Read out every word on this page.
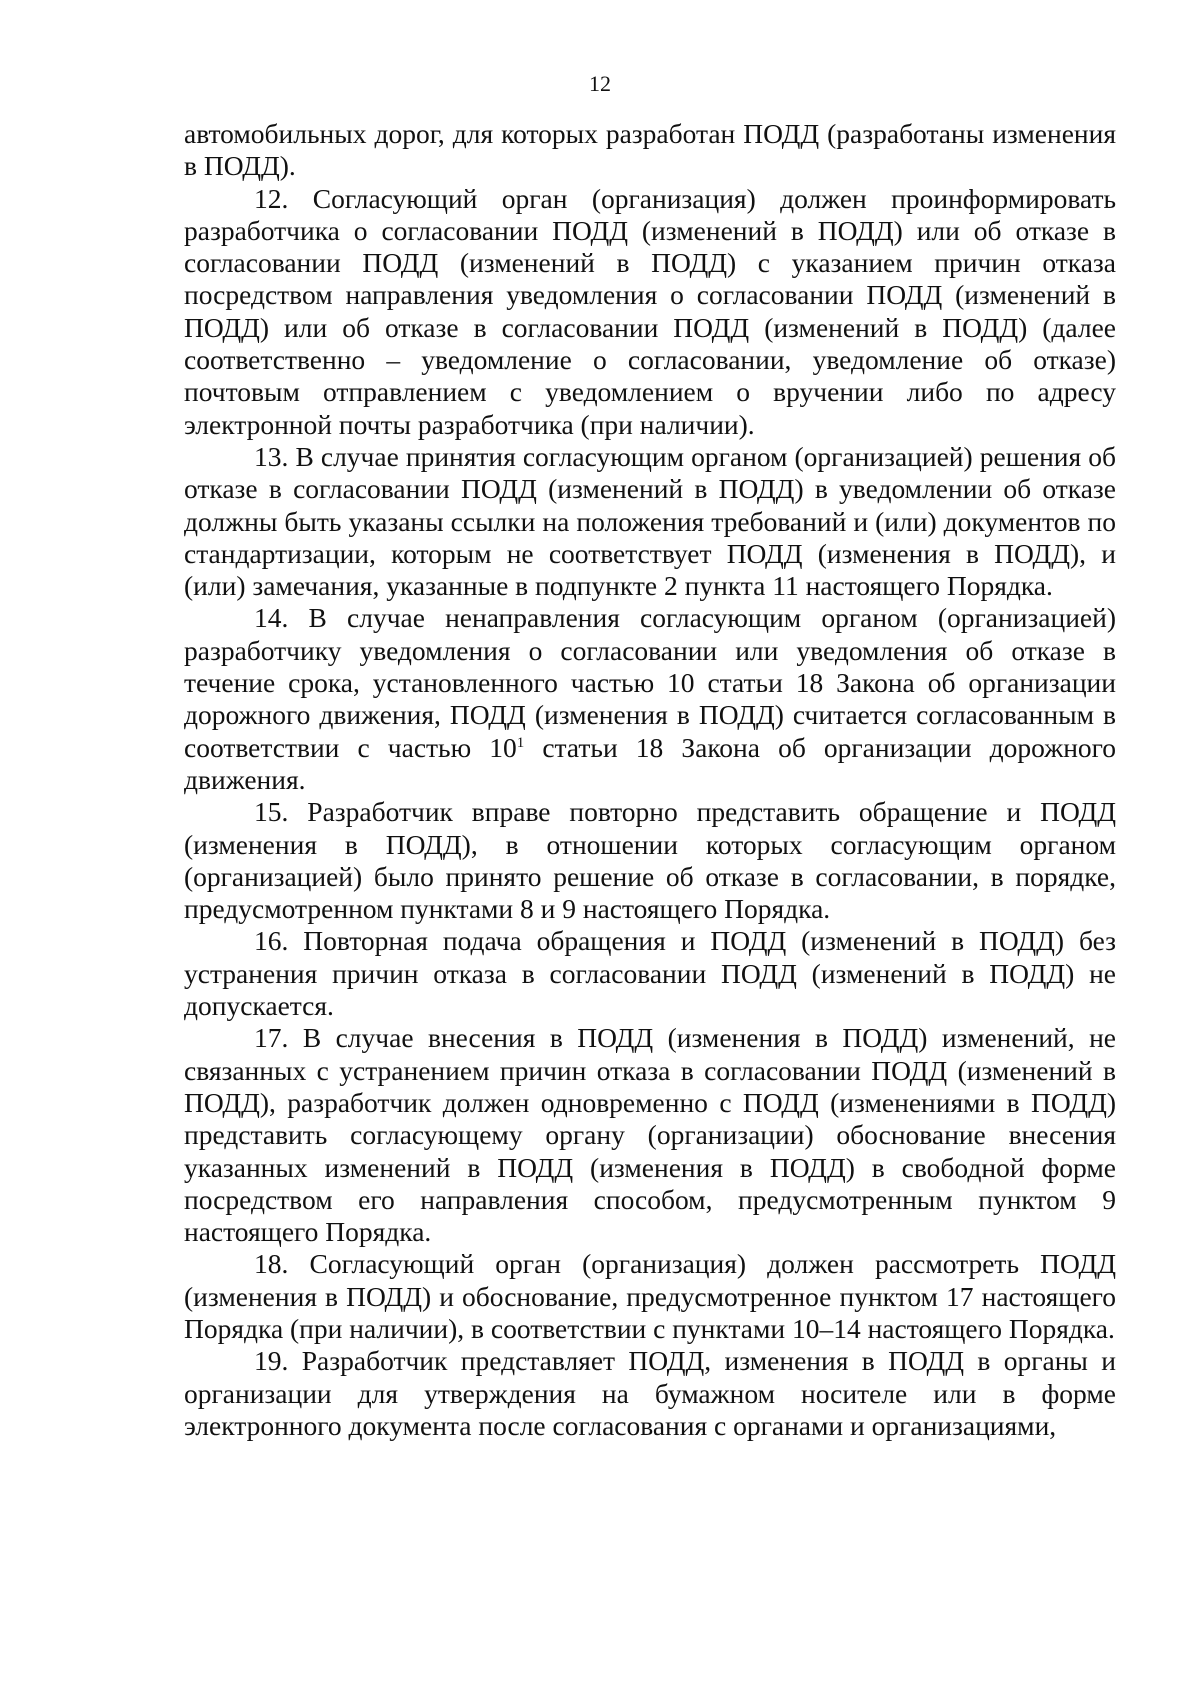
12

автомобильных дорог, для которых разработан ПОДД (разработаны изменения в ПОДД).

12. Согласующий орган (организация) должен проинформировать разработчика о согласовании ПОДД (изменений в ПОДД) или об отказе в согласовании ПОДД (изменений в ПОДД) с указанием причин отказа посредством направления уведомления о согласовании ПОДД (изменений в ПОДД) или об отказе в согласовании ПОДД (изменений в ПОДД) (далее соответственно – уведомление о согласовании, уведомление об отказе) почтовым отправлением с уведомлением о вручении либо по адресу электронной почты разработчика (при наличии).

13. В случае принятия согласующим органом (организацией) решения об отказе в согласовании ПОДД (изменений в ПОДД) в уведомлении об отказе должны быть указаны ссылки на положения требований и (или) документов по стандартизации, которым не соответствует ПОДД (изменения в ПОДД), и (или) замечания, указанные в подпункте 2 пункта 11 настоящего Порядка.

14. В случае ненаправления согласующим органом (организацией) разработчику уведомления о согласовании или уведомления об отказе в течение срока, установленного частью 10 статьи 18 Закона об организации дорожного движения, ПОДД (изменения в ПОДД) считается согласованным в соответствии с частью $10^1$ статьи 18 Закона об организации дорожного движения.

15. Разработчик вправе повторно представить обращение и ПОДД (изменения в ПОДД), в отношении которых согласующим органом (организацией) было принято решение об отказе в согласовании, в порядке, предусмотренном пунктами 8 и 9 настоящего Порядка.

16. Повторная подача обращения и ПОДД (изменений в ПОДД) без устранения причин отказа в согласовании ПОДД (изменений в ПОДД) не допускается.

17. В случае внесения в ПОДД (изменения в ПОДД) изменений, не связанных с устранением причин отказа в согласовании ПОДД (изменений в ПОДД), разработчик должен одновременно с ПОДД (изменениями в ПОДД) представить согласующему органу (организации) обоснование внесения указанных изменений в ПОДД (изменения в ПОДД) в свободной форме посредством его направления способом, предусмотренным пунктом 9 настоящего Порядка.

18. Согласующий орган (организация) должен рассмотреть ПОДД (изменения в ПОДД) и обоснование, предусмотренное пунктом 17 настоящего Порядка (при наличии), в соответствии с пунктами 10–14 настоящего Порядка.

19. Разработчик представляет ПОДД, изменения в ПОДД в органы и организации для утверждения на бумажном носителе или в форме электронного документа после согласования с органами и организациями,
